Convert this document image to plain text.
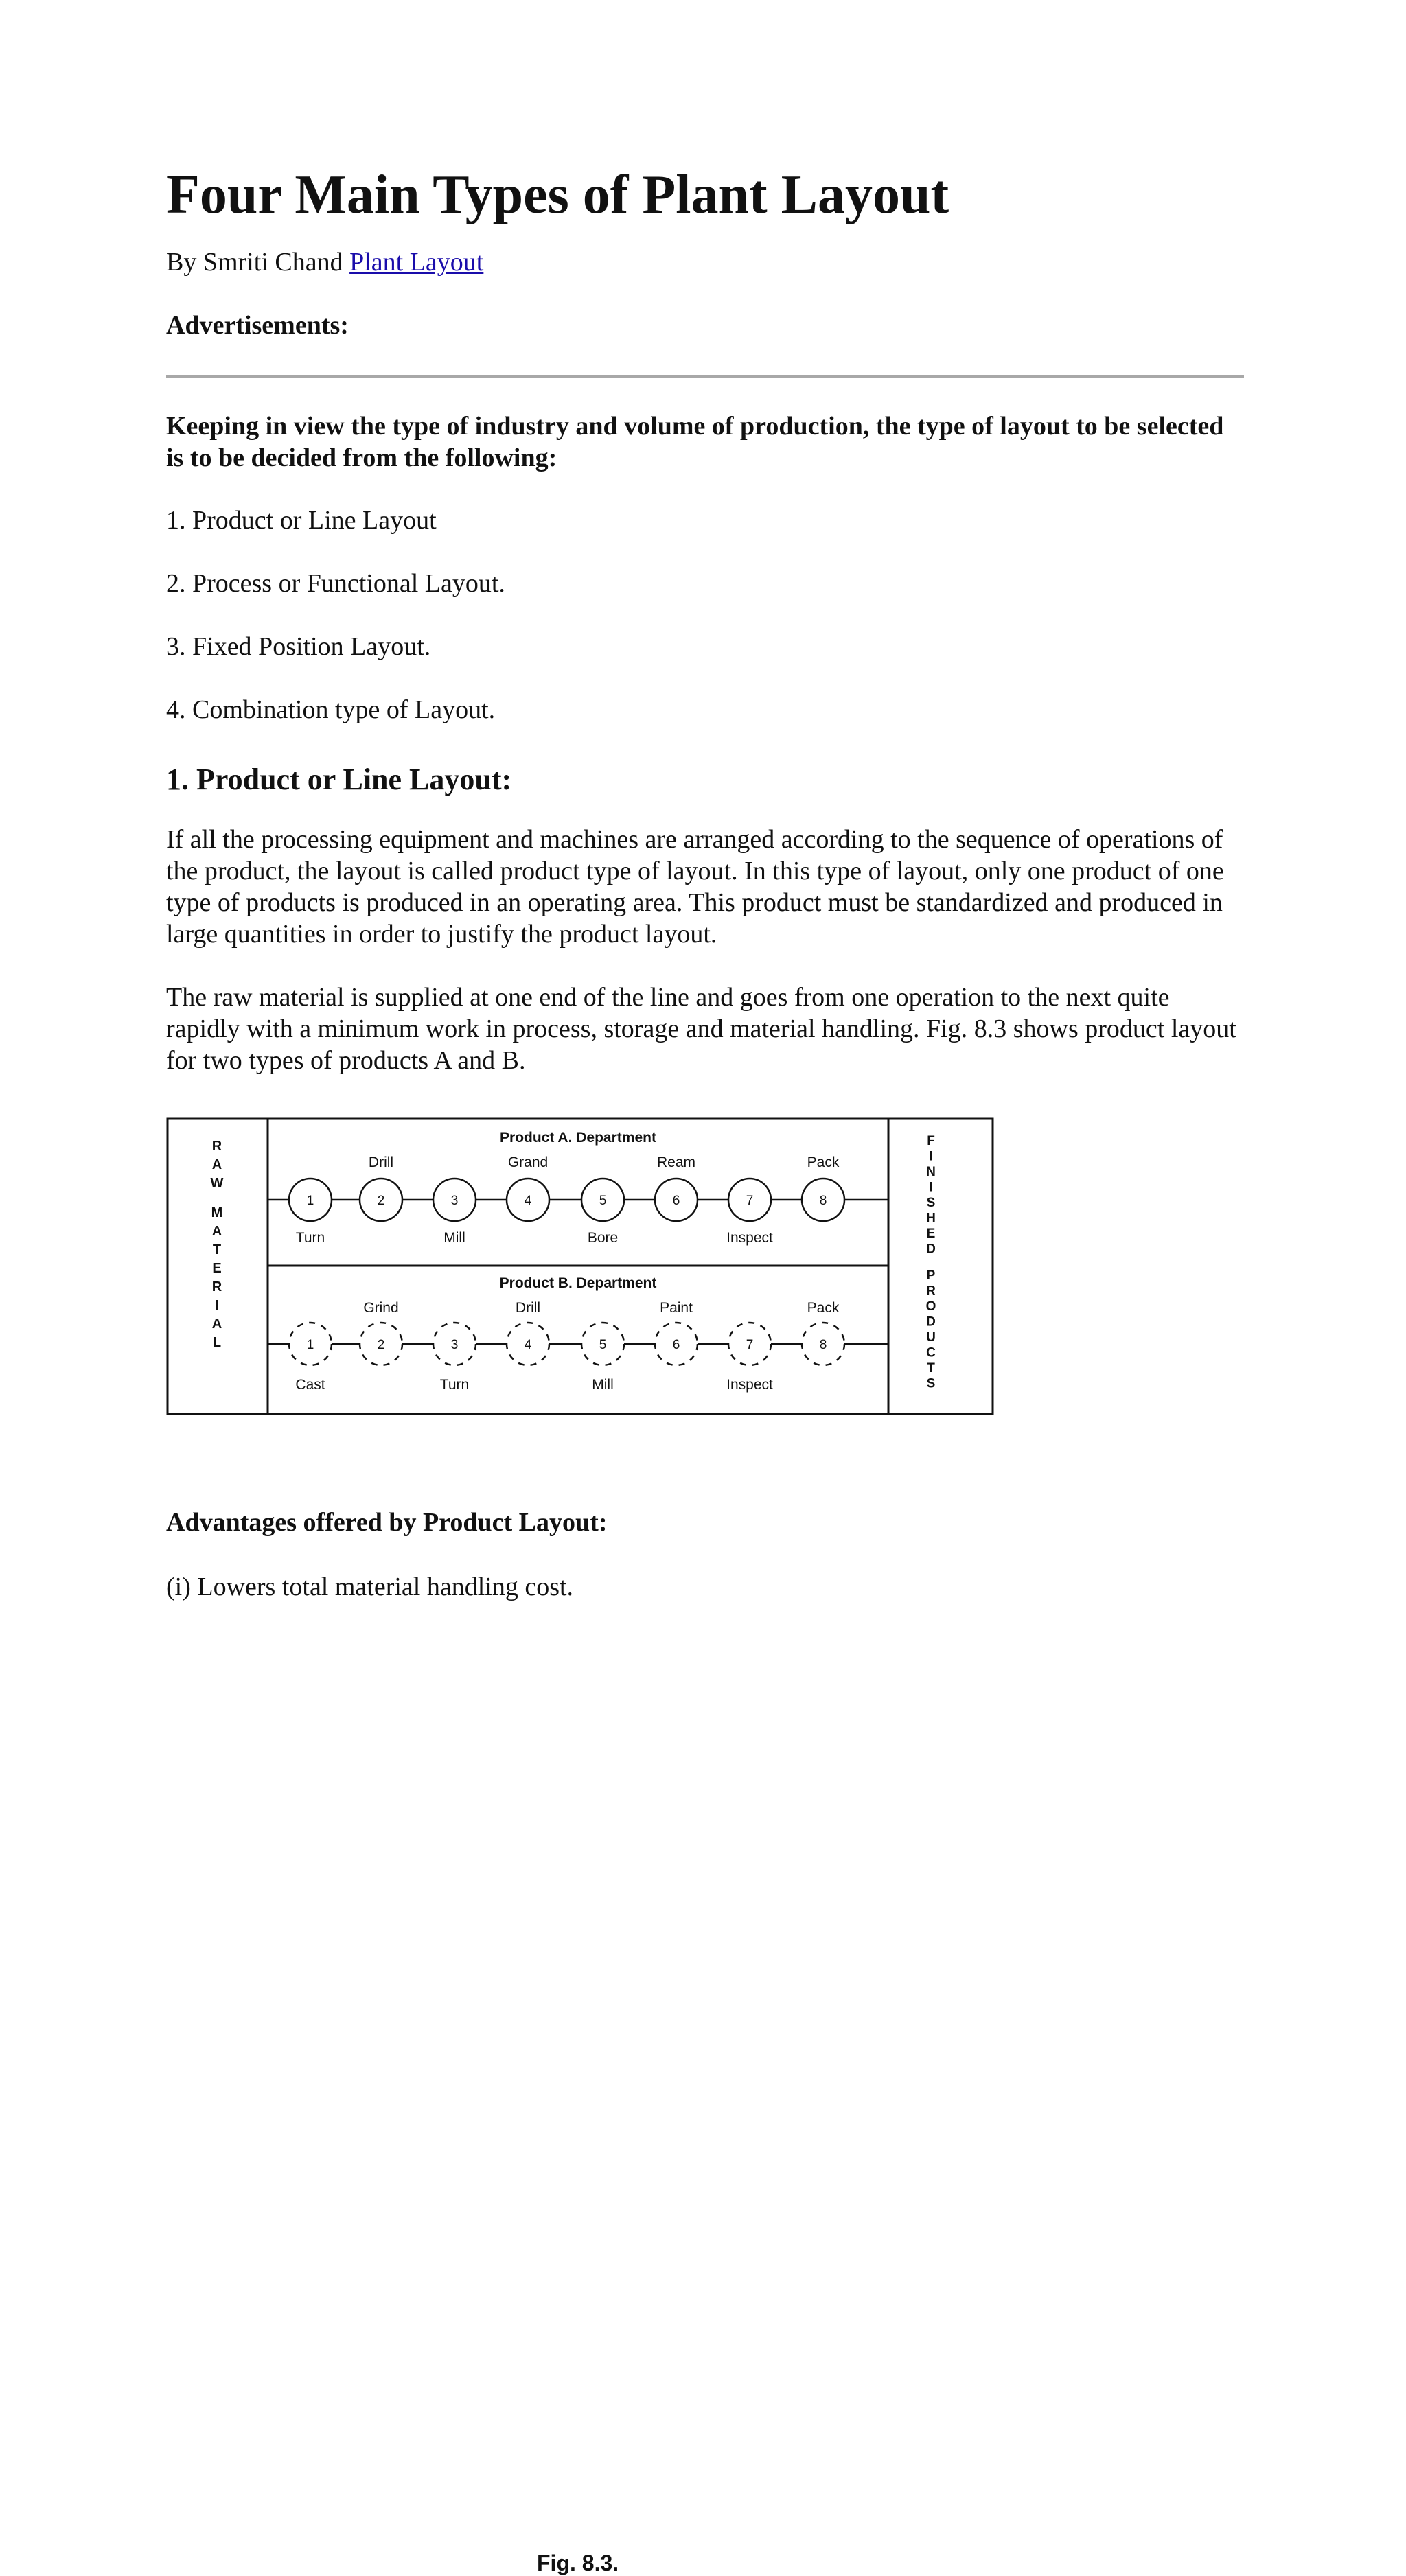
Four Main Types of Plant Layout
By Smriti Chand Plant Layout
Advertisements:

Keeping in view the type of industry and volume of production, the type of layout to be selected is to be decided from the following:

1. Product or Line Layout

2. Process or Functional Layout.

3. Fixed Position Layout.

4. Combination type of Layout.

1. Product or Line Layout:

If all the processing equipment and machines are arranged according to the sequence of operations of the product, the layout is called product type of layout. In this type of layout, only one product of one type of products is produced in an operating area. This product must be standardized and produced in large quantities in order to justify the product layout.

The raw material is supplied at one end of the line and goes from one operation to the next quite rapidly with a minimum work in process, storage and material handling. Fig. 8.3 shows product layout for two types of products A and B.

R
A
W
M
A
T
E
R
I
A
L
F
I
N
I
S
H
E
D
P
R
O
D
U
C
T
S
Product A. Department
1
Turn
2
Drill
3
Mill
4
Grand
5
Bore
6
Ream
7
Inspect
8
Pack
Product B. Department
1
Cast
2
Grind
3
Turn
4
Drill
5
Mill
6
Paint
7
Inspect
8
Pack
Fig. 8.3.

Advantages offered by Product Layout:

(i) Lowers total material handling cost.
